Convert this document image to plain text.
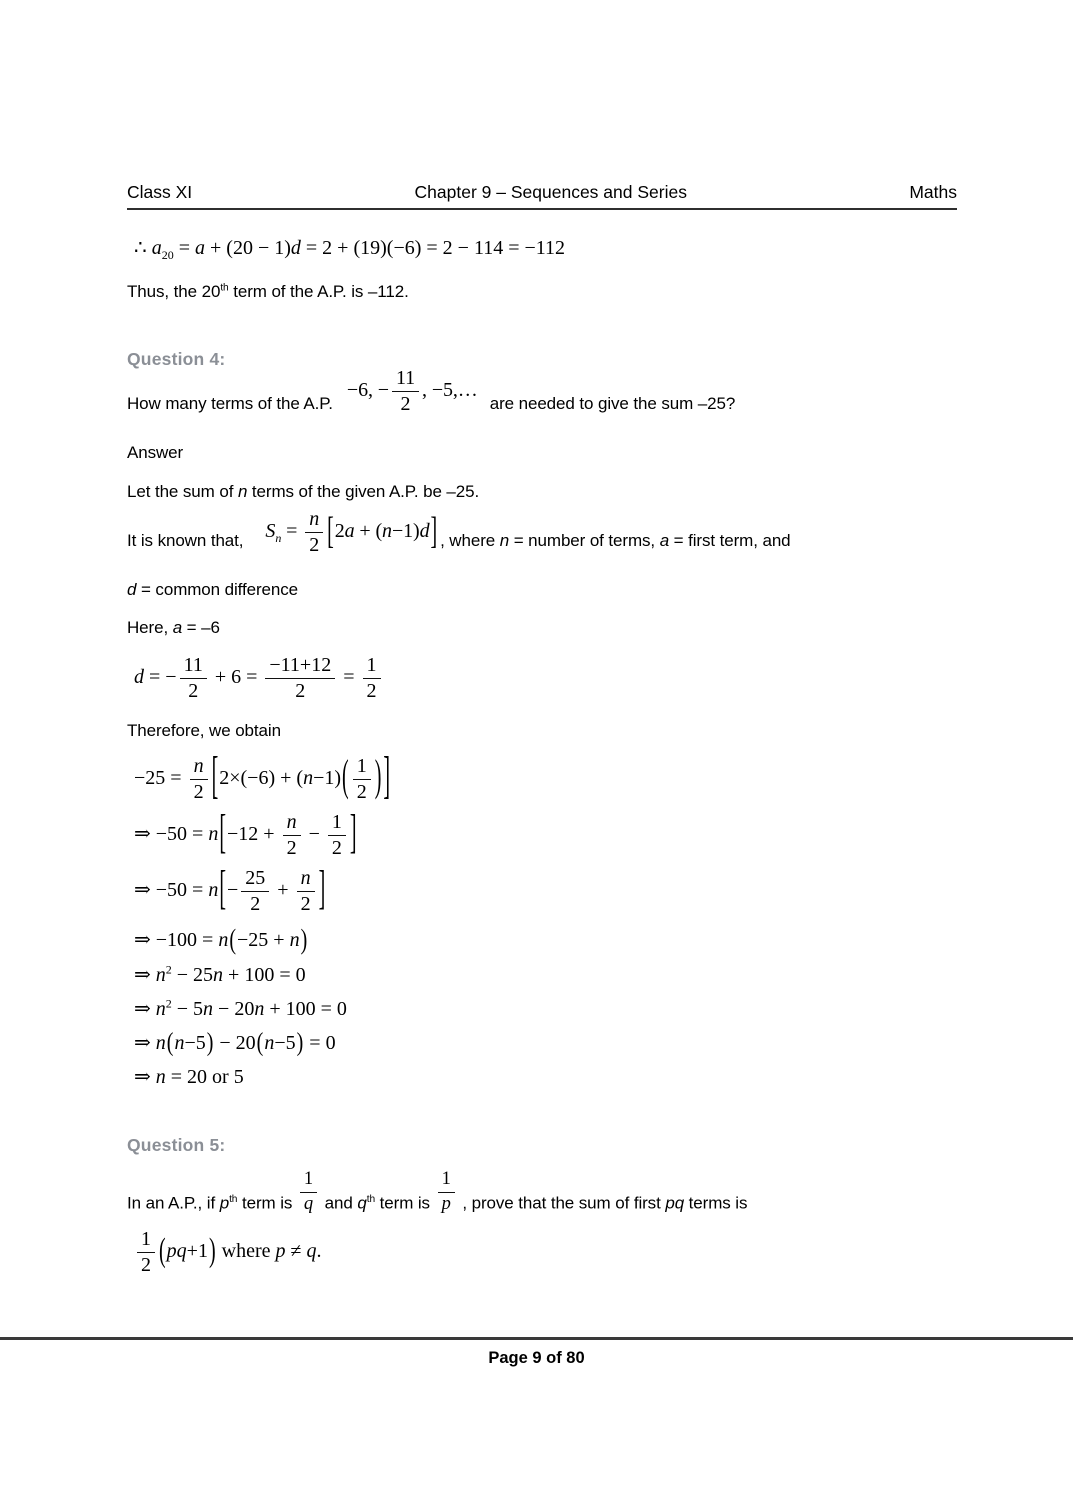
Class XI	Chapter 9 – Sequences and Series	Maths
∴ $a_{20} = a + (20 - 1)d = 2 + (19)(-6) = 2 - 114 = -112$
Thus, the 20th term of the A.P. is –112.
Question 4:
How many terms of the A.P.
−6, − $\frac{11}{2}$ , −5,…
are needed to give the sum –25?
Answer
Let the sum of n terms of the given A.P. be –25.
It is known that, $S_n = \frac{n}{2} [2a + (n-1)d]$ , where n = number of terms, a = first term, and
d = common difference
Here, a = –6
d = − $\frac{11}{2} + 6 = \frac{-11+12}{2} = \frac{1}{2}$
Therefore, we obtain
$-25 = \frac{n}{2} [2\times(-6) + (n-1)( \frac{1}{2}$ ) ]
⇒ $-50 = n[-12 + \frac{n}{2} - \frac{1}{2}$ ]
⇒ $-50 = n[- \frac{25}{2} + \frac{n}{2}$ ]
⇒ −100 = n(−25 + n)
⇒ $n^2 - 25n + 100 = 0$
⇒ $n^2 - 5n - 20n + 100 = 0$
⇒ n(n−5) − 20(n−5) = 0
⇒ n = 20 or 5
Question 5:
In an A.P., if $p^{th}$ term is $\frac{1}{q}$ and $q^{th}$ term is $\frac{1}{p}$ , prove that the sum of first pq terms is
$\frac{1}{2} (pq+1)$ where p ≠ q.
Page 9 of 80
